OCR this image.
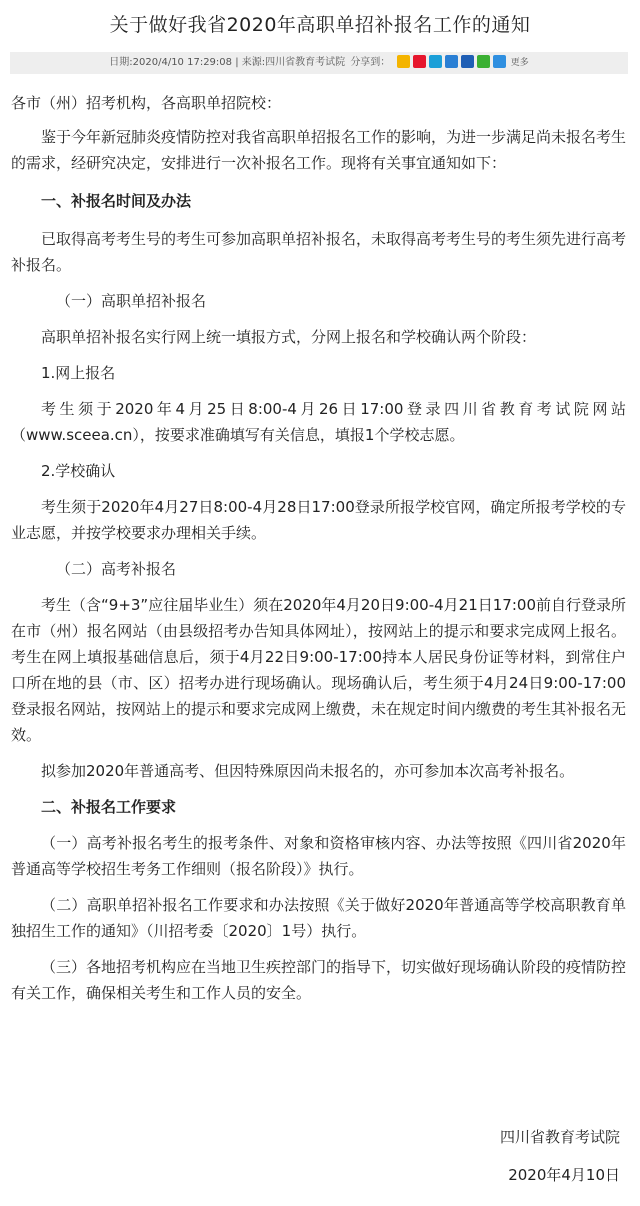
关于做好我省2020年高职单招补报名工作的通知
日期:2020/4/10 17:29:08 | 来源:四川省教育考试院 分享到：	更多

各市（州）招考机构，各高职单招院校：

鉴于今年新冠肺炎疫情防控对我省高职单招报名工作的影响，为进一步满足尚未报名考生的需求，经研究决定，安排进行一次补报名工作。现将有关事宜通知如下：

一、补报名时间及办法

已取得高考考生号的考生可参加高职单招补报名，未取得高考考生号的考生须先进行高考补报名。

（一）高职单招补报名

高职单招补报名实行网上统一填报方式，分网上报名和学校确认两个阶段：

1.网上报名

考生须于2020年4月25日8:00-4月26日17:00登录四川省教育考试院网站（www.sceea.cn），按要求准确填写有关信息，填报1个学校志愿。

2.学校确认

考生须于2020年4月27日8:00-4月28日17:00登录所报学校官网，确定所报考学校的专业志愿，并按学校要求办理相关手续。

（二）高考补报名

考生（含“9+3”应往届毕业生）须在2020年4月20日9:00-4月21日17:00前自行登录所在市（州）报名网站（由县级招考办告知具体网址），按网站上的提示和要求完成网上报名。考生在网上填报基础信息后，须于4月22日9:00-17:00持本人居民身份证等材料，到常住户口所在地的县（市、区）招考办进行现场确认。现场确认后，考生须于4月24日9:00-17:00登录报名网站，按网站上的提示和要求完成网上缴费，未在规定时间内缴费的考生其补报名无效。

拟参加2020年普通高考、但因特殊原因尚未报名的，亦可参加本次高考补报名。

二、补报名工作要求

（一）高考补报名考生的报考条件、对象和资格审核内容、办法等按照《四川省2020年普通高等学校招生考务工作细则（报名阶段）》执行。

（二）高职单招补报名工作要求和办法按照《关于做好2020年普通高等学校高职教育单独招生工作的通知》（川招考委〔2020〕1号）执行。

（三）各地招考机构应在当地卫生疾控部门的指导下，切实做好现场确认阶段的疫情防控有关工作，确保相关考生和工作人员的安全。

四川省教育考试院
2020年4月10日
